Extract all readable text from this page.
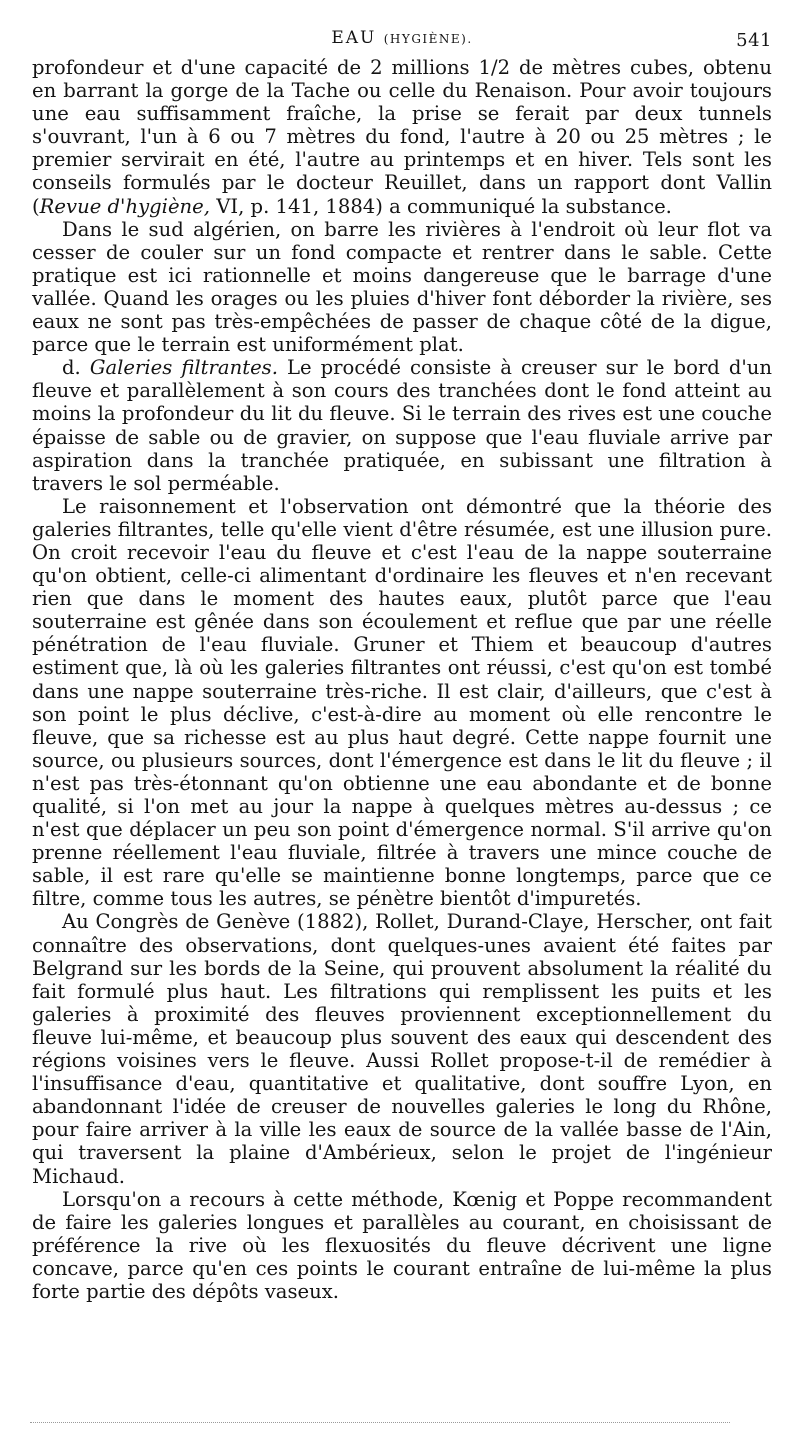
EAU (HYGIÈNE).	541

profondeur et d'une capacité de 2 millions 1/2 de mètres cubes, obtenu en barrant la gorge de la Tache ou celle du Renaison. Pour avoir toujours une eau suffisamment fraîche, la prise se ferait par deux tunnels s'ouvrant, l'un à 6 ou 7 mètres du fond, l'autre à 20 ou 25 mètres ; le premier servirait en été, l'autre au printemps et en hiver. Tels sont les conseils formulés par le docteur Reuillet, dans un rapport dont Vallin (Revue d'hygiène, VI, p. 141, 1884) a communiqué la substance.

Dans le sud algérien, on barre les rivières à l'endroit où leur flot va cesser de couler sur un fond compacte et rentrer dans le sable. Cette pratique est ici rationnelle et moins dangereuse que le barrage d'une vallée. Quand les orages ou les pluies d'hiver font déborder la rivière, ses eaux ne sont pas très-empêchées de passer de chaque côté de la digue, parce que le terrain est uniformément plat.

d. Galeries filtrantes. Le procédé consiste à creuser sur le bord d'un fleuve et parallèlement à son cours des tranchées dont le fond atteint au moins la profondeur du lit du fleuve. Si le terrain des rives est une couche épaisse de sable ou de gravier, on suppose que l'eau fluviale arrive par aspiration dans la tranchée pratiquée, en subissant une filtration à travers le sol perméable.

Le raisonnement et l'observation ont démontré que la théorie des galeries filtrantes, telle qu'elle vient d'être résumée, est une illusion pure. On croit recevoir l'eau du fleuve et c'est l'eau de la nappe souterraine qu'on obtient, celle-ci alimentant d'ordinaire les fleuves et n'en recevant rien que dans le moment des hautes eaux, plutôt parce que l'eau souterraine est gênée dans son écoulement et reflue que par une réelle pénétration de l'eau fluviale. Gruner et Thiem et beaucoup d'autres estiment que, là où les galeries filtrantes ont réussi, c'est qu'on est tombé dans une nappe souterraine très-riche. Il est clair, d'ailleurs, que c'est à son point le plus déclive, c'est-à-dire au moment où elle rencontre le fleuve, que sa richesse est au plus haut degré. Cette nappe fournit une source, ou plusieurs sources, dont l'émergence est dans le lit du fleuve ; il n'est pas très-étonnant qu'on obtienne une eau abondante et de bonne qualité, si l'on met au jour la nappe à quelques mètres au-dessus ; ce n'est que déplacer un peu son point d'émergence normal. S'il arrive qu'on prenne réellement l'eau fluviale, filtrée à travers une mince couche de sable, il est rare qu'elle se maintienne bonne longtemps, parce que ce filtre, comme tous les autres, se pénètre bientôt d'impuretés.

Au Congrès de Genève (1882), Rollet, Durand-Claye, Herscher, ont fait connaître des observations, dont quelques-unes avaient été faites par Belgrand sur les bords de la Seine, qui prouvent absolument la réalité du fait formulé plus haut. Les filtrations qui remplissent les puits et les galeries à proximité des fleuves proviennent exceptionnellement du fleuve lui-même, et beaucoup plus souvent des eaux qui descendent des régions voisines vers le fleuve. Aussi Rollet propose-t-il de remédier à l'insuffisance d'eau, quantitative et qualitative, dont souffre Lyon, en abandonnant l'idée de creuser de nouvelles galeries le long du Rhône, pour faire arriver à la ville les eaux de source de la vallée basse de l'Ain, qui traversent la plaine d'Ambérieux, selon le projet de l'ingénieur Michaud.

Lorsqu'on a recours à cette méthode, Kœnig et Poppe recommandent de faire les galeries longues et parallèles au courant, en choisissant de préférence la rive où les flexuosités du fleuve décrivent une ligne concave, parce qu'en ces points le courant entraîne de lui-même la plus forte partie des dépôts vaseux.
